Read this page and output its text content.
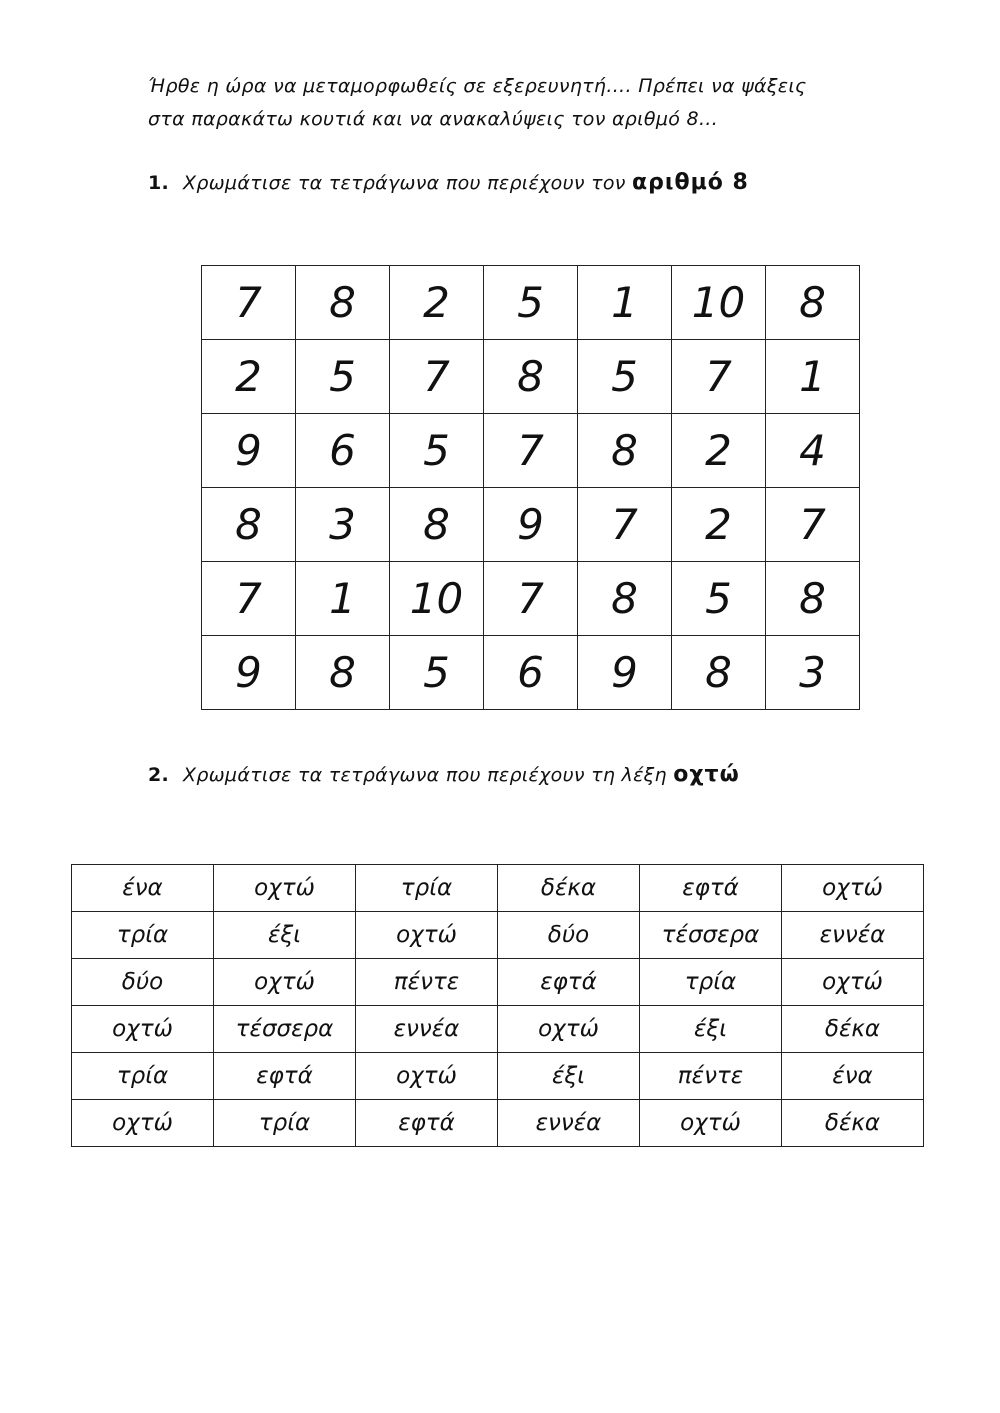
Ήρθε η ώρα να μεταμορφωθείς σε εξερευνητή…. Πρέπει να ψάξεις

στα παρακάτω κουτιά και να ανακαλύψεις τον αριθμό 8…

1. Χρωμάτισε τα τετράγωνα που περιέχουν τον αριθμό 8
7	8	2	5	1	10	8
2	5	7	8	5	7	1
9	6	5	7	8	2	4
8	3	8	9	7	2	7
7	1	10	7	8	5	8
9	8	5	6	9	8	3
2. Χρωμάτισε τα τετράγωνα που περιέχουν τη λέξη οχτώ
ένα	οχτώ	τρία	δέκα	εφτά	οχτώ
τρία	έξι	οχτώ	δύο	τέσσερα	εννέα
δύο	οχτώ	πέντε	εφτά	τρία	οχτώ
οχτώ	τέσσερα	εννέα	οχτώ	έξι	δέκα
τρία	εφτά	οχτώ	έξι	πέντε	ένα
οχτώ	τρία	εφτά	εννέα	οχτώ	δέκα
